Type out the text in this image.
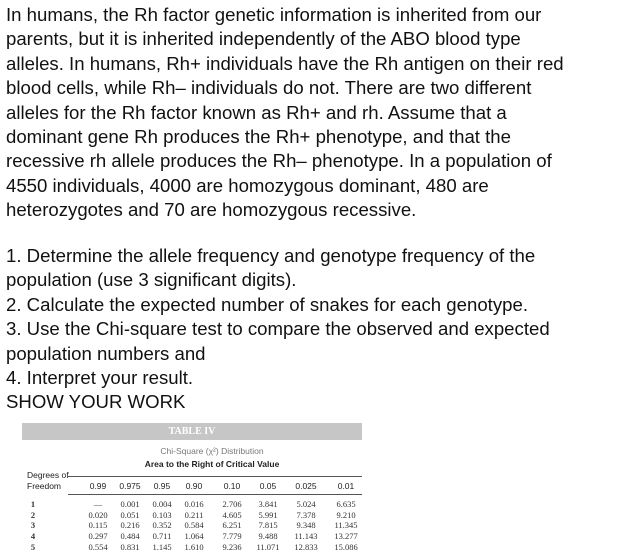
In humans, the Rh factor genetic information is inherited from our
parents, but it is inherited independently of the ABO blood type
alleles. In humans, Rh+ individuals have the Rh antigen on their red
blood cells, while Rh– individuals do not. There are two different
alleles for the Rh factor known as Rh+ and rh. Assume that a
dominant gene Rh produces the Rh+ phenotype, and that the
recessive rh allele produces the Rh– phenotype. In a population of
4550 individuals, 4000 are homozygous dominant, 480 are
heterozygotes and 70 are homozygous recessive.
1. Determine the allele frequency and genotype frequency of the
population (use 3 significant digits).
2. Calculate the expected number of snakes for each genotype.
3. Use the Chi-square test to compare the observed and expected
population numbers and
4. Interpret your result.
SHOW YOUR WORK
TABLE IV
Chi-Square (χ²) Distribution
Area to the Right of Critical Value
Degrees of
Freedom	0.99	0.975	0.95	0.90	0.10	0.05	0.025	0.01
1	—	0.001	0.004	0.016	2.706	3.841	5.024	6.635
2	0.020	0.051	0.103	0.211	4.605	5.991	7.378	9.210
3	0.115	0.216	0.352	0.584	6.251	7.815	9.348	11.345
4	0.297	0.484	0.711	1.064	7.779	9.488	11.143	13.277
5	0.554	0.831	1.145	1.610	9.236	11.071	12.833	15.086
